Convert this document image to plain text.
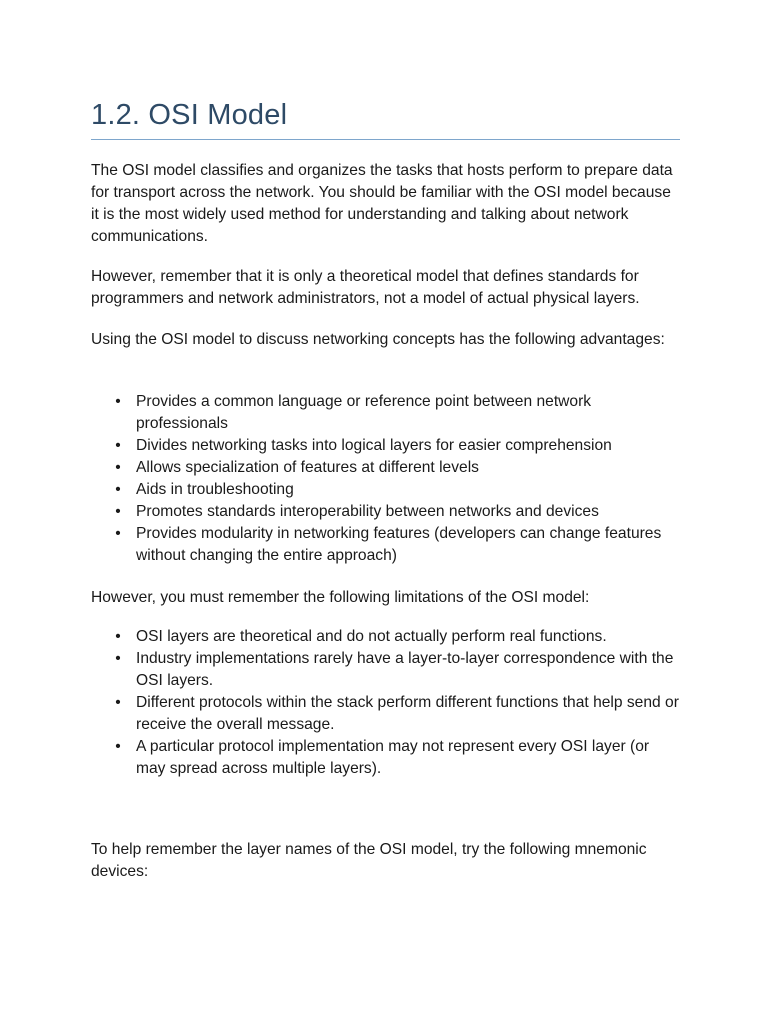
1.2. OSI Model

The OSI model classifies and organizes the tasks that hosts perform to prepare data for transport across the network. You should be familiar with the OSI model because it is the most widely used method for understanding and talking about network communications.

However, remember that it is only a theoretical model that defines standards for programmers and network administrators, not a model of actual physical layers.

Using the OSI model to discuss networking concepts has the following advantages:

• Provides a common language or reference point between network professionals
• Divides networking tasks into logical layers for easier comprehension
• Allows specialization of features at different levels
• Aids in troubleshooting
• Promotes standards interoperability between networks and devices
• Provides modularity in networking features (developers can change features without changing the entire approach)

However, you must remember the following limitations of the OSI model:

• OSI layers are theoretical and do not actually perform real functions.
• Industry implementations rarely have a layer-to-layer correspondence with the OSI layers.
• Different protocols within the stack perform different functions that help send or receive the overall message.
• A particular protocol implementation may not represent every OSI layer (or may spread across multiple layers).

To help remember the layer names of the OSI model, try the following mnemonic devices:
